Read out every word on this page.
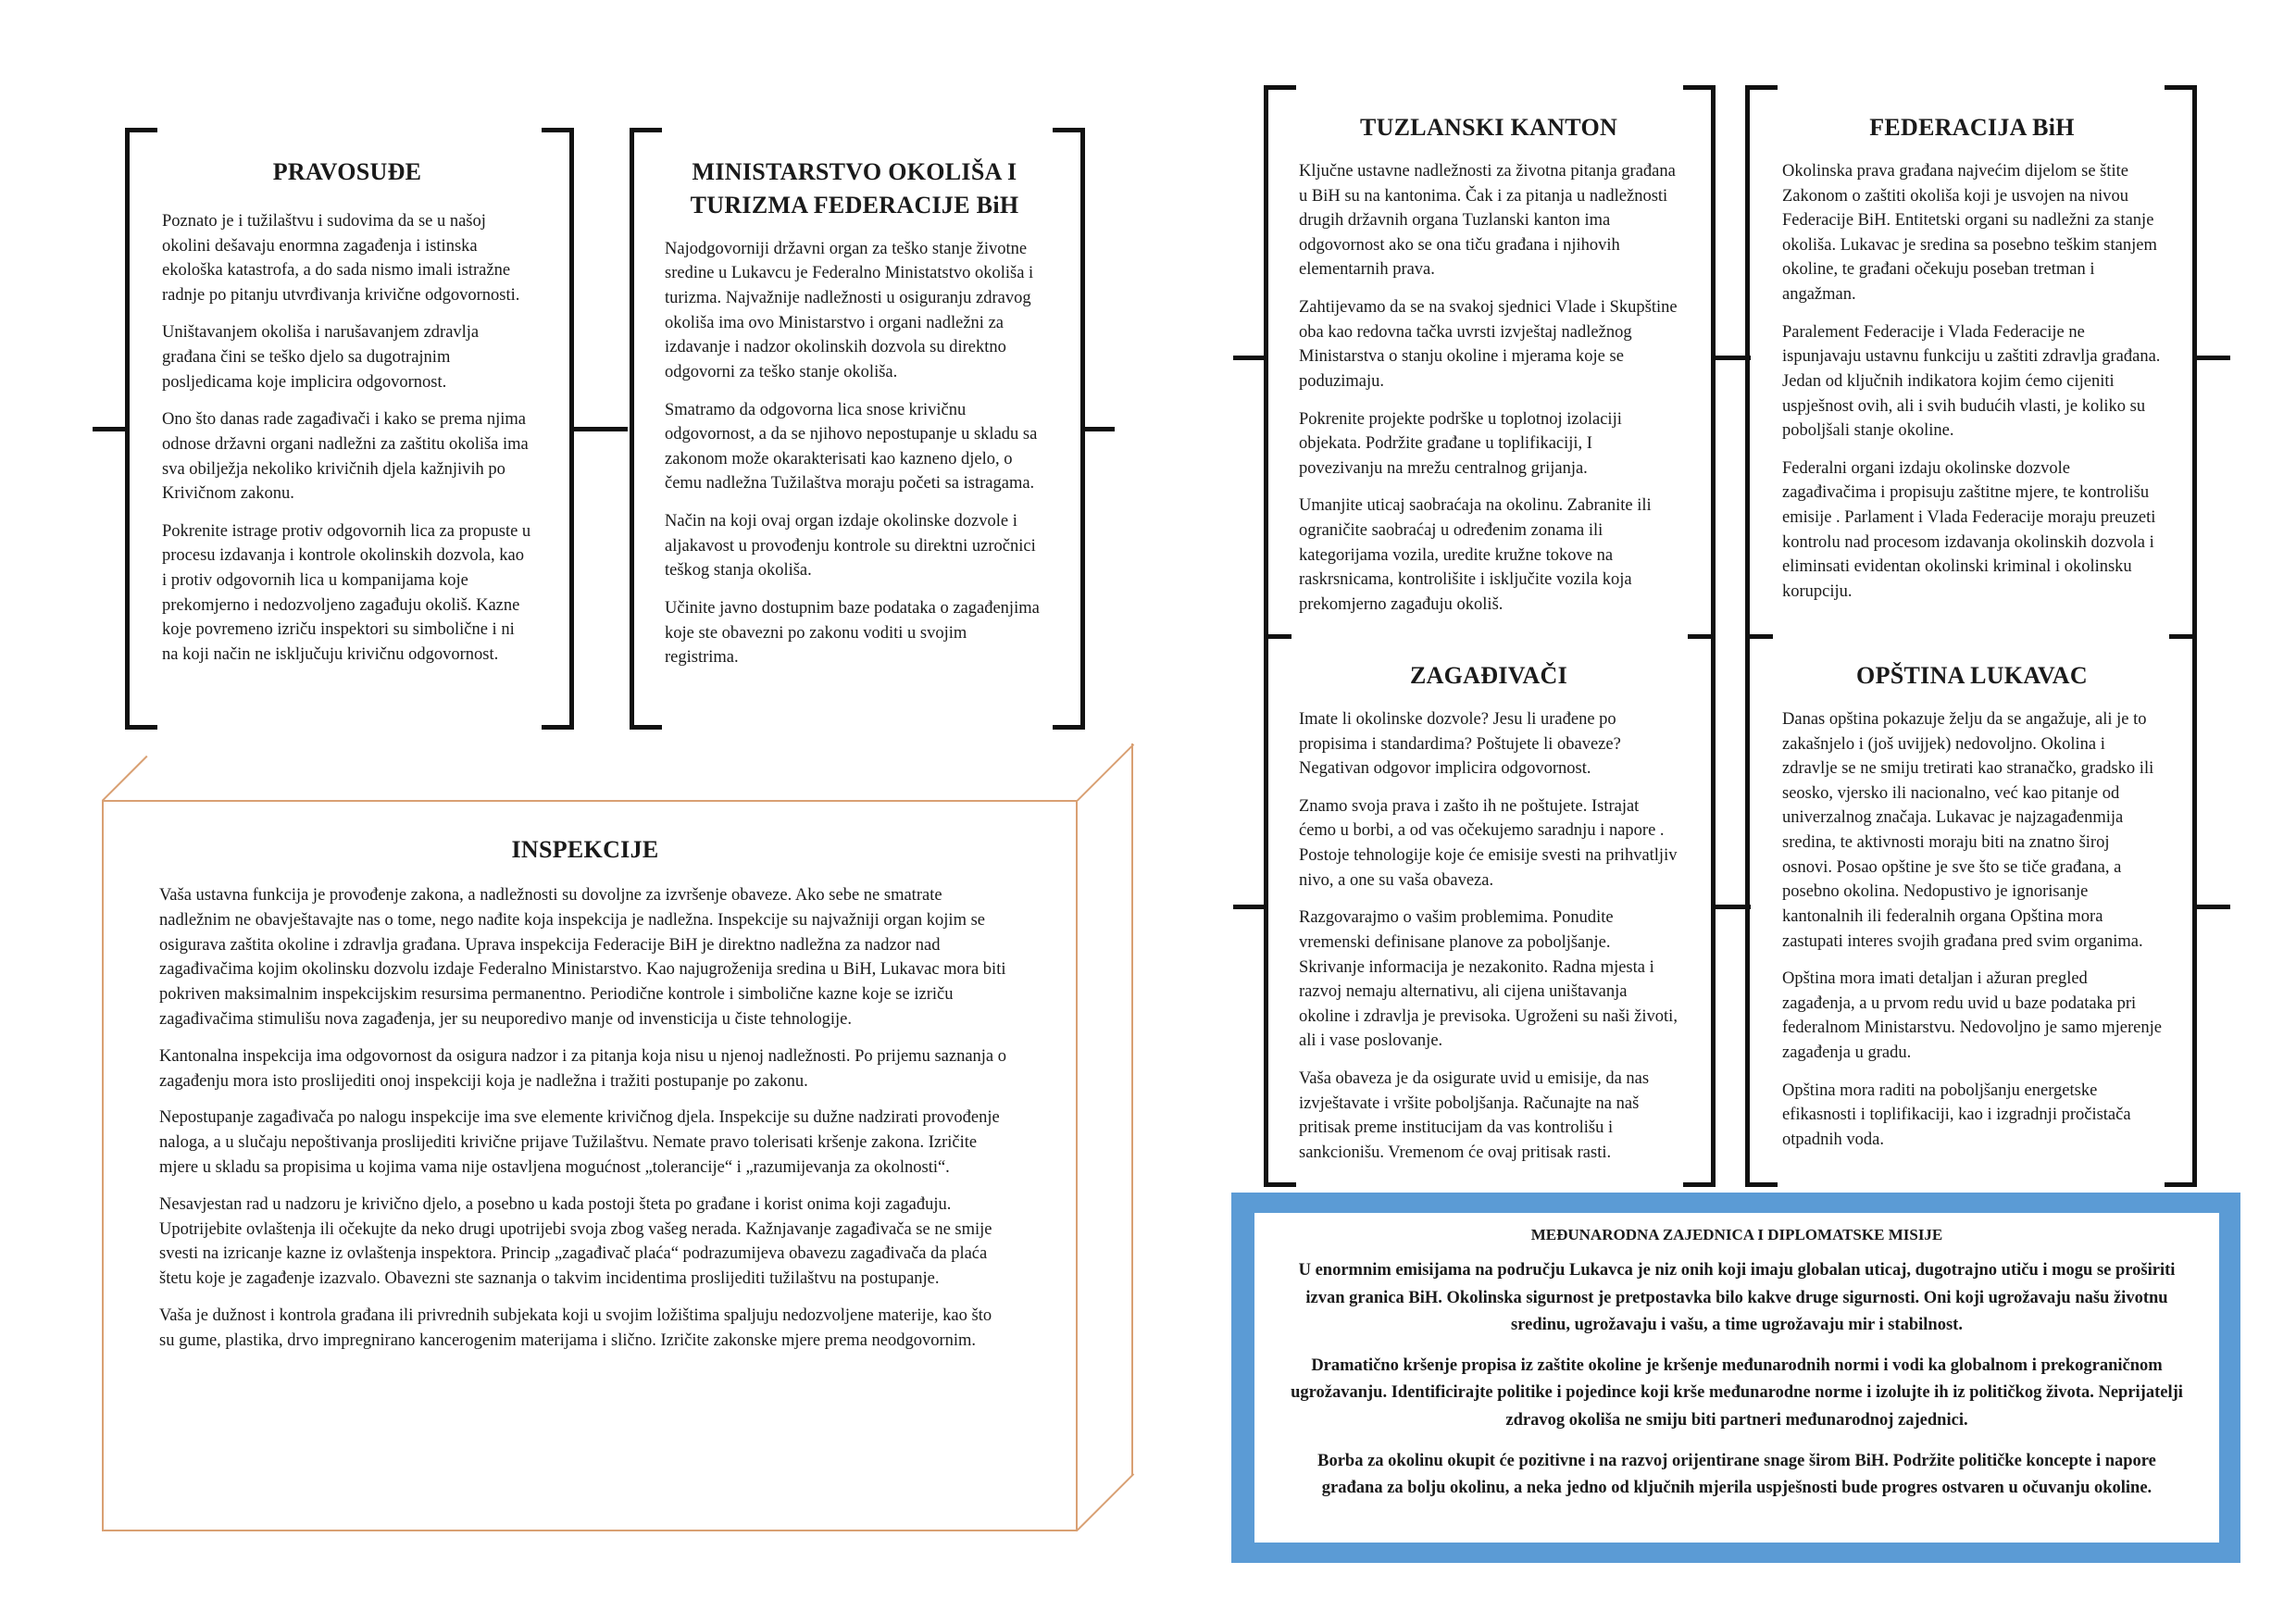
PRAVOSUĐE

Poznato je i tužilaštvu i sudovima da se u našoj okolini dešavaju enormna zagađenja i istinska ekološka katastrofa, a do sada nismo imali istražne radnje po pitanju utvrđivanja krivične odgovornosti.

Uništavanjem okoliša i narušavanjem zdravlja građana čini se teško djelo sa dugotrajnim posljedicama koje implicira odgovornost.

Ono što danas rade zagađivači i kako se prema njima odnose državni organi nadležni za zaštitu okoliša ima sva obilježja nekoliko krivičnih djela kažnjivih po Krivičnom zakonu.

Pokrenite istrage protiv odgovornih lica za propuste u procesu izdavanja i kontrole okolinskih dozvola, kao i protiv odgovornih lica u kompanijama koje prekomjerno i nedozvoljeno zagađuju okoliš. Kazne koje povremeno izriču inspektori su simbolične i ni na koji način ne isključuju krivičnu odgovornost.

MINISTARSTVO OKOLIŠA I
TURIZMA FEDERACIJE BiH

Najodgovorniji državni organ za teško stanje životne sredine u Lukavcu je Federalno Ministatstvo okoliša i turizma. Najvažnije nadležnosti u osiguranju zdravog okoliša ima ovo Ministarstvo i organi nadležni za izdavanje i nadzor okolinskih dozvola su direktno odgovorni za teško stanje okoliša.

Smatramo da odgovorna lica snose krivičnu odgovornost, a da se njihovo nepostupanje u skladu sa zakonom može okarakterisati kao kazneno djelo, o čemu nadležna Tužilaštva moraju početi sa istragama.

Način na koji ovaj organ izdaje okolinske dozvole i aljakavost u provođenju kontrole su direktni uzročnici teškog stanja okoliša.

Učinite javno dostupnim baze podataka o zagađenjima koje ste obavezni po zakonu voditi u svojim registrima.

INSPEKCIJE

Vaša ustavna funkcija je provođenje zakona, a nadležnosti su dovoljne za izvršenje obaveze. Ako sebe ne smatrate nadležnim ne obavještavajte nas o tome, nego nađite koja inspekcija je nadležna. Inspekcije su najvažniji organ kojim se osigurava zaštita okoline i zdravlja građana. Uprava inspekcija Federacije BiH je direktno nadležna za nadzor nad zagađivačima kojim okolinsku dozvolu izdaje Federalno Ministarstvo. Kao najugroženija sredina u BiH, Lukavac mora biti pokriven maksimalnim inspekcijskim resursima permanentno. Periodične kontrole i simbolične kazne koje se izriču zagađivačima stimulišu nova zagađenja, jer su neuporedivo manje od invensticija u čiste tehnologije.

Kantonalna inspekcija ima odgovornost da osigura nadzor i za pitanja koja nisu u njenoj nadležnosti. Po prijemu saznanja o zagađenju mora isto proslijediti onoj inspekciji koja je nadležna i tražiti postupanje po zakonu.

Nepostupanje zagađivača po nalogu inspekcije ima sve elemente krivičnog djela. Inspekcije su dužne nadzirati provođenje naloga, a u slučaju nepoštivanja proslijediti krivične prijave Tužilaštvu. Nemate pravo tolerisati kršenje zakona. Izričite mjere u skladu sa propisima u kojima vama nije ostavljena mogućnost „tolerancije“ i „razumijevanja za okolnosti“.

Nesavjestan rad u nadzoru je krivično djelo, a posebno u kada postoji šteta po građane i korist onima koji zagađuju. Upotrijebite ovlaštenja ili očekujte da neko drugi upotrijebi svoja zbog vašeg nerada. Kažnjavanje zagađivača se ne smije svesti na izricanje kazne iz ovlaštenja inspektora. Princip „zagađivač plaća“ podrazumijeva obavezu zagađivača da plaća štetu koje je zagađenje izazvalo. Obavezni ste saznanja o takvim incidentima proslijediti tužilaštvu na postupanje.

Vaša je dužnost i kontrola građana ili privrednih subjekata koji u svojim ložištima spaljuju nedozvoljene materije, kao što su gume, plastika, drvo impregnirano kancerogenim materijama i slično. Izričite zakonske mjere prema neodgovornim.

TUZLANSKI KANTON

Ključne ustavne nadležnosti za životna pitanja građana u BiH su na kantonima. Čak i za pitanja u nadležnosti drugih državnih organa Tuzlanski kanton ima odgovornost ako se ona tiču građana i njihovih elementarnih prava.

Zahtijevamo da se na svakoj sjednici Vlade i Skupštine oba kao redovna tačka uvrsti izvještaj nadležnog Ministarstva o stanju okoline i mjerama koje se poduzimaju.

Pokrenite projekte podrške u toplotnoj izolaciji objekata. Podržite građane u toplifikaciji, I povezivanju na mrežu centralnog grijanja.

Umanjite uticaj saobraćaja na okolinu. Zabranite ili ograničite saobraćaj u određenim zonama ili kategorijama vozila, uredite kružne tokove na raskrsnicama, kontrolišite i isključite vozila koja prekomjerno zagađuju okoliš.

ZAGAĐIVAČI

Imate li okolinske dozvole? Jesu li urađene po propisima i standardima? Poštujete li obaveze? Negativan odgovor implicira odgovornost.

Znamo svoja prava i zašto ih ne poštujete. Istrajat ćemo u borbi, a od vas očekujemo saradnju i napore . Postoje tehnologije koje će emisije svesti na prihvatljiv nivo, a one su vaša obaveza.

Razgovarajmo o vašim problemima. Ponudite vremenski definisane planove za poboljšanje. Skrivanje informacija je nezakonito. Radna mjesta i razvoj nemaju alternativu, ali cijena uništavanja okoline i zdravlja je previsoka. Ugroženi su naši životi, ali i vase poslovanje.

Vaša obaveza je da osigurate uvid u emisije, da nas izvještavate i vršite poboljšanja. Računajte na naš pritisak preme institucijam da vas kontrolišu i sankcionišu. Vremenom će ovaj pritisak rasti.

FEDERACIJA BiH

Okolinska prava građana najvećim dijelom se štite Zakonom o zaštiti okoliša koji je usvojen na nivou Federacije BiH. Entitetski organi su nadležni za stanje okoliša. Lukavac je sredina sa posebno teškim stanjem okoline, te građani očekuju poseban tretman i angažman.

Paralement Federacije i Vlada Federacije ne ispunjavaju ustavnu funkciju u zaštiti zdravlja građana. Jedan od ključnih indikatora kojim ćemo cijeniti uspješnost ovih, ali i svih budućih vlasti, je koliko su poboljšali stanje okoline.

Federalni organi izdaju okolinske dozvole zagađivačima i propisuju zaštitne mjere, te kontrolišu emisije . Parlament i Vlada Federacije moraju preuzeti kontrolu nad procesom izdavanja okolinskih dozvola i eliminsati evidentan okolinski kriminal i okolinsku korupciju.

OPŠTINA LUKAVAC

Danas opština pokazuje želju da se angažuje, ali je to zakašnjelo i (još uvijjek) nedovoljno. Okolina i zdravlje se ne smiju tretirati kao stranačko, gradsko ili seosko, vjersko ili nacionalno, već kao pitanje od univerzalnog značaja. Lukavac je najzagađenmija sredina, te aktivnosti moraju biti na znatno široj osnovi. Posao opštine je sve što se tiče građana, a posebno okolina. Nedopustivo je ignorisanje kantonalnih ili federalnih organa Opština mora zastupati interes svojih građana pred svim organima.

Opština mora imati detaljan i ažuran pregled zagađenja, a u prvom redu uvid u baze podataka pri federalnom Ministarstvu. Nedovoljno je samo mjerenje zagađenja u gradu.

Opština mora raditi na poboljšanju energetske efikasnosti i toplifikaciji, kao i izgradnji pročistača otpadnih voda.

MEĐUNARODNA ZAJEDNICA I DIPLOMATSKE MISIJE

U enormnim emisijama na području Lukavca je niz onih koji imaju globalan uticaj, dugotrajno utiču i mogu se proširiti izvan granica BiH. Okolinska sigurnost je pretpostavka bilo kakve druge sigurnosti. Oni koji ugrožavaju našu životnu sredinu, ugrožavaju i vašu, a time ugrožavaju mir i stabilnost.

Dramatično kršenje propisa iz zaštite okoline je kršenje međunarodnih normi i vodi ka globalnom i prekograničnom ugrožavanju. Identificirajte politike i pojedince koji krše međunarodne norme i izolujte ih iz političkog života. Neprijatelji zdravog okoliša ne smiju biti partneri međunarodnoj zajednici.

Borba za okolinu okupit će pozitivne i na razvoj orijentirane snage širom BiH. Podržite političke koncepte i napore građana za bolju okolinu, a neka jedno od ključnih mjerila uspješnosti bude progres ostvaren u očuvanju okoline.
